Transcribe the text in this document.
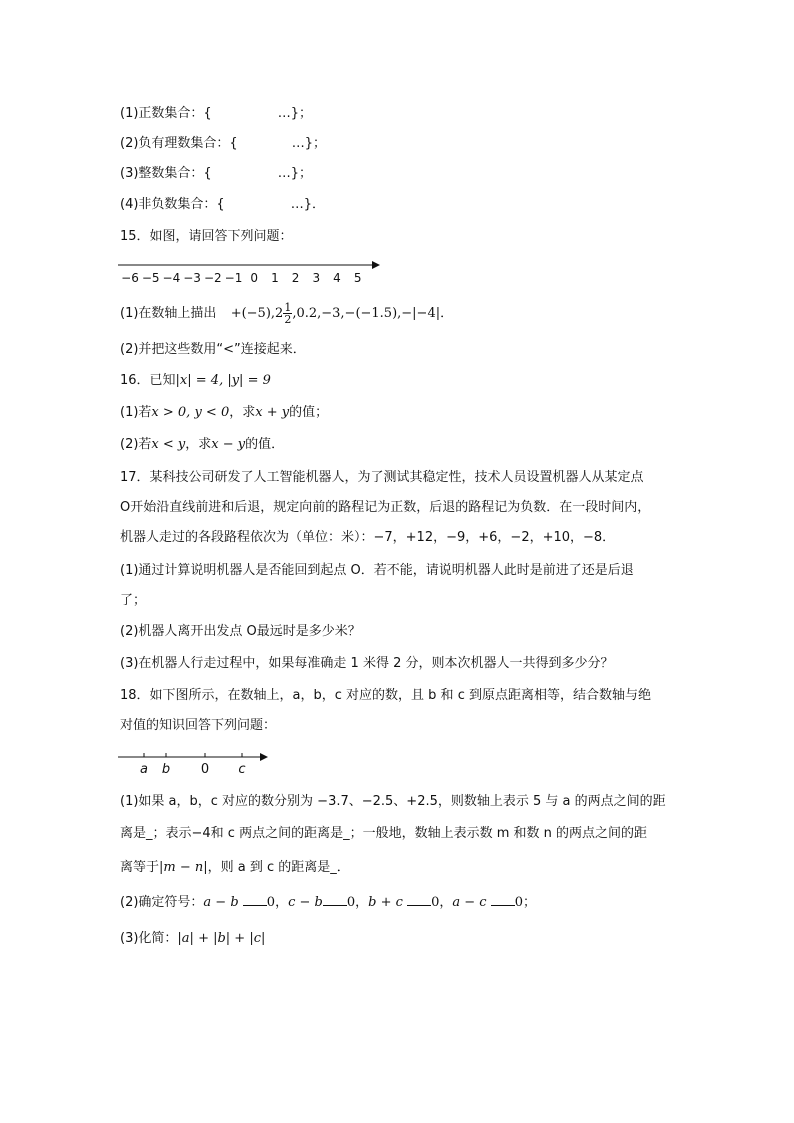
(1)正数集合：{	…}；
(2)负有理数集合：{	…}；
(3)整数集合：{	…}；
(4)非负数集合：{	…}．
15．如图，请回答下列问题：
−6 −5 −4 −3 −2 −1 0 1 2 3 4 5
(1)在数轴上描出 $+(-5),2 \frac{1}{2} ,0.2,-3,-(-1.5),-|-4|$．
(2)并把这些数用“<”连接起来．
16．已知|x| = 4, |y| = 9
(1)若x > 0, y < 0，求x + y的值；
(2)若x < y，求x − y的值．
17．某科技公司研发了人工智能机器人，为了测试其稳定性，技术人员设置机器人从某定点
O开始沿直线前进和后退，规定向前的路程记为正数，后退的路程记为负数．在一段时间内，
机器人走过的各段路程依次为（单位：米）：−7，+12，−9，+6，−2，+10，−8．
(1)通过计算说明机器人是否能回到起点 O．若不能，请说明机器人此时是前进了还是后退
了；
(2)机器人离开出发点 O最远时是多少米？
(3)在机器人行走过程中，如果每准确走 1 米得 2 分，则本次机器人一共得到多少分？
18．如下图所示，在数轴上，a，b，c 对应的数，且 b 和 c 到原点距离相等，结合数轴与绝
对值的知识回答下列问题：
a b 0 c
(1)如果 a，b，c 对应的数分别为 −3.7、−2.5、+2.5，则数轴上表示 5 与 a 的两点之间的距
离是_；表示−4和 c 两点之间的距离是_；一般地，数轴上表示数 m 和数 n 的两点之间的距
离等于|m − n|，则 a 到 c 的距离是_．
(2)确定符号：a − b 0，c − b 0，b + c 0，a − c 0；
(3)化简：|a| + |b| + |c|
